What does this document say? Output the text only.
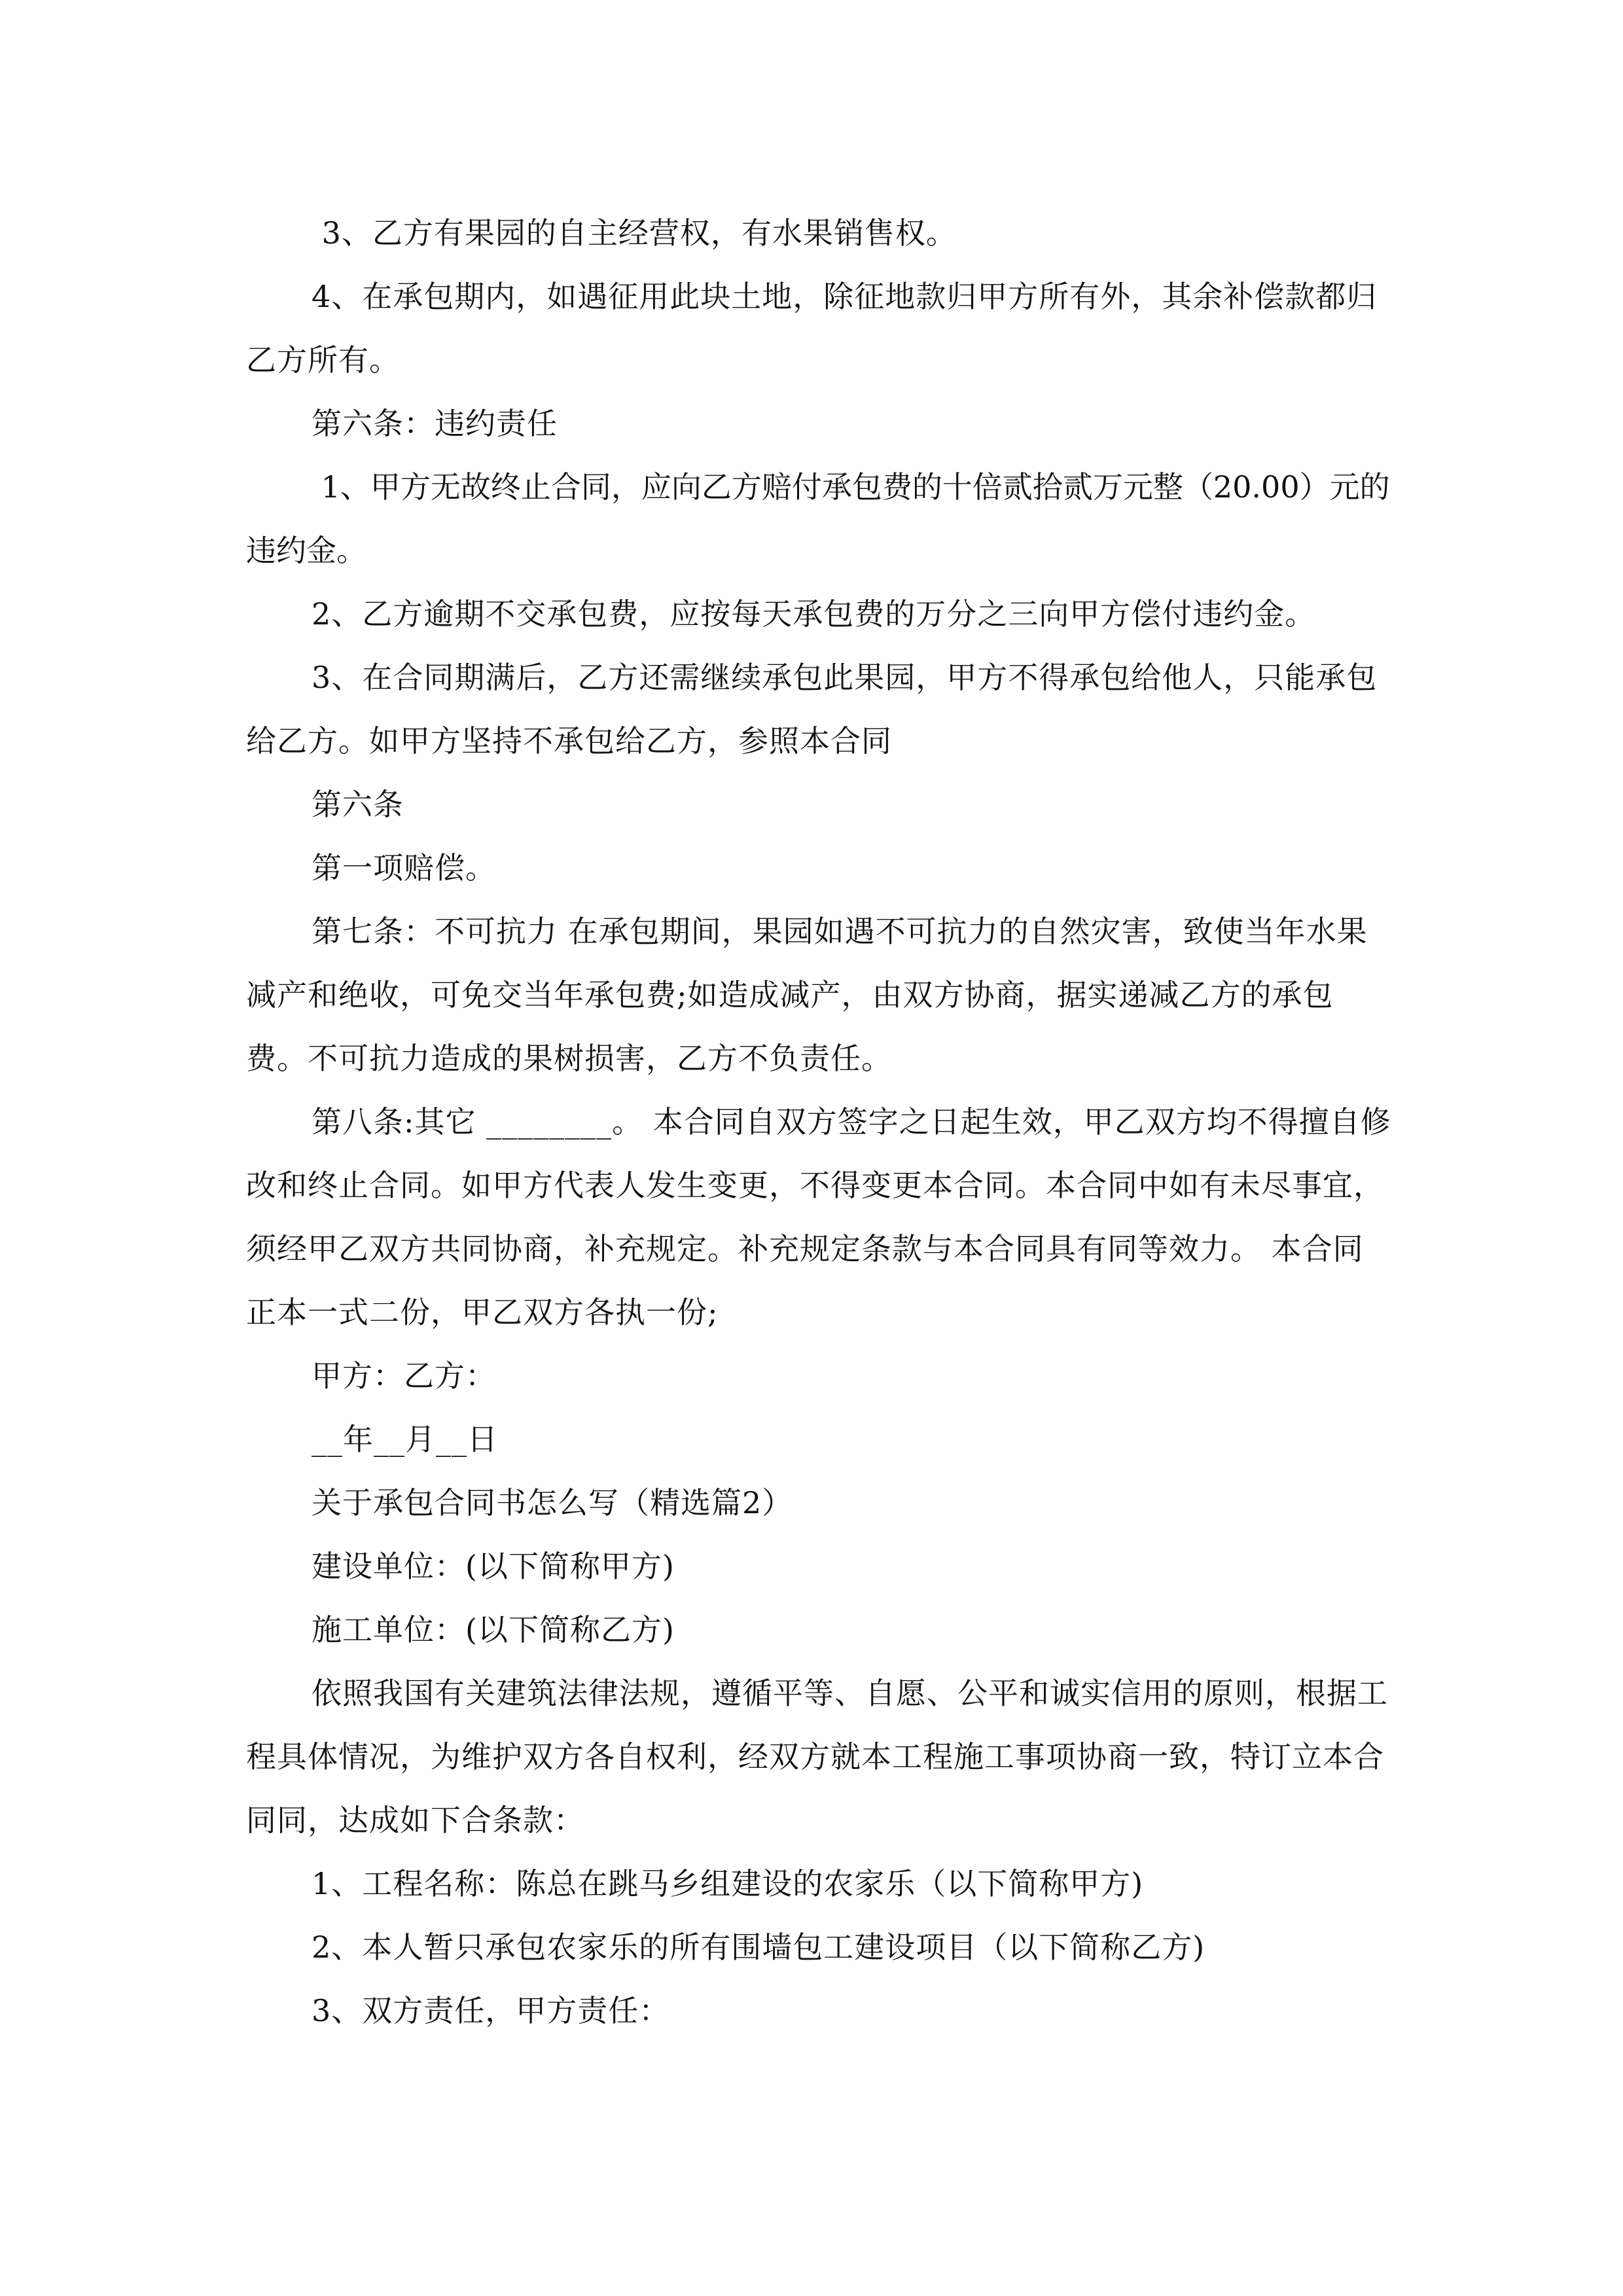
3、乙方有果园的自主经营权，有水果销售权。

4、在承包期内，如遇征用此块土地，除征地款归甲方所有外，其余补偿款都归乙方所有。

第六条：违约责任

1、甲方无故终止合同，应向乙方赔付承包费的十倍贰拾贰万元整（20.00）元的违约金。

2、乙方逾期不交承包费，应按每天承包费的万分之三向甲方偿付违约金。

3、在合同期满后，乙方还需继续承包此果园，甲方不得承包给他人，只能承包给乙方。如甲方坚持不承包给乙方，参照本合同

第六条

第一项赔偿。

第七条：不可抗力 在承包期间，果园如遇不可抗力的自然灾害，致使当年水果减产和绝收，可免交当年承包费;如造成减产，由双方协商，据实递减乙方的承包费。不可抗力造成的果树损害，乙方不负责任。

第八条:其它 ________。 本合同自双方签字之日起生效，甲乙双方均不得擅自修改和终止合同。如甲方代表人发生变更，不得变更本合同。本合同中如有未尽事宜，须经甲乙双方共同协商，补充规定。补充规定条款与本合同具有同等效力。 本合同正本一式二份，甲乙双方各执一份;

甲方：乙方：

__年__月__日

关于承包合同书怎么写（精选篇2）

建设单位：(以下简称甲方)

施工单位：(以下简称乙方)

依照我国有关建筑法律法规，遵循平等、自愿、公平和诚实信用的原则，根据工程具体情况，为维护双方各自权利，经双方就本工程施工事项协商一致，特订立本合同同，达成如下合条款：

1、工程名称：陈总在跳马乡组建设的农家乐（以下简称甲方)

2、本人暂只承包农家乐的所有围墙包工建设项目（以下简称乙方)

3、双方责任，甲方责任：
